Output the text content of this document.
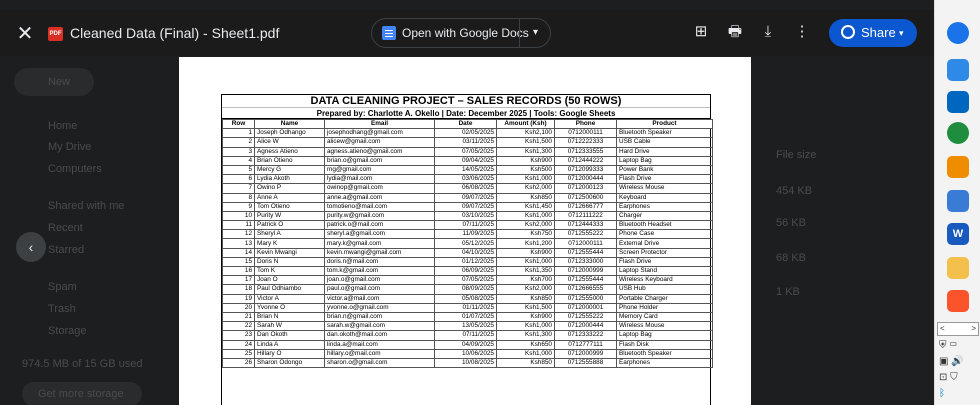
New
Home
My Drive
Computers
Shared with me
Recent
Starred
Spam
Trash
Storage
974.5 MB of 15 GB used
Get more storage
File size
454 KB
56 KB
68 KB
1 KB
✕	PDF Cleaned Data (Final) - Sheet1.pdf	Open with Google Docs ▾	⊞	🖶	⤓	⋮	Share ▾
‹
DATA CLEANING PROJECT – SALES RECORDS (50 ROWS)
Prepared by: Charlotte A. Okello | Date: December 2025 | Tools: Google Sheets
Row	Name	Email	Date	Amount (Ksh)	Phone	Product
1	Joseph Odhango	josephodhang@gmail.com	02/05/2025	Ksh2,100	0712000111	Bluetooth Speaker
2	Alice W	alicew@gmail.com	03/11/2025	Ksh1,500	0712222333	USB Cable
3	Agness Atieno	agness.atieno@gmail.com	07/05/2025	Ksh1,300	0712333555	Hard Drive
4	Brian Otieno	brian.o@gmail.com	09/04/2025	Ksh900	0712444222	Laptop Bag
5	Mercy G	mg@gmail.com	14/05/2025	Ksh500	0712099333	Power Bank
6	Lydia Akoth	lydia@mail.com	03/06/2025	Ksh1,000	0712000444	Flash Drive
7	Owino P	owinop@gmail.com	06/08/2025	Ksh2,000	0712000123	Wireless Mouse
8	Anne A	anne.a@gmail.com	09/07/2025	Ksh850	0712500600	Keyboard
9	Tom Otieno	tomotieno@mail.com	09/07/2025	Ksh1,450	0712666777	Earphones
10	Purity W	purity.w@gmail.com	03/10/2025	Ksh1,000	0712111222	Charger
11	Patrick O	patrick.o@mail.com	07/11/2025	Ksh2,000	0712444333	Bluetooth Headset
12	Sheryl A	sheryl.a@gmail.com	11/09/2025	Ksh750	0712555222	Phone Case
13	Mary K	mary.k@gmail.com	05/12/2025	Ksh1,200	0712000111	External Drive
14	Kevin Mwangi	kevin.mwangi@gmail.com	04/10/2025	Ksh900	0712555444	Screen Protector
15	Doris N	doris.n@mail.com	01/12/2025	Ksh1,000	0712333000	Flash Drive
16	Tom K	tom.k@gmail.com	06/09/2025	Ksh1,350	0712000999	Laptop Stand
17	Joan O	joan.o@gmail.com	07/05/2025	Ksh700	0712555444	Wireless Keyboard
18	Paul Odhiambo	paul.o@gmail.com	08/09/2025	Ksh2,000	0712666555	USB Hub
19	Victor A	victor.a@mail.com	05/08/2025	Ksh850	0712555000	Portable Charger
20	Yvonne O	yvonne.o@gmail.com	01/11/2025	Ksh1,500	0712000001	Phone Holder
21	Brian N	brian.n@gmail.com	01/07/2025	Ksh900	0712555222	Memory Card
22	Sarah W	sarah.w@gmail.com	13/05/2025	Ksh1,000	0712000444	Wireless Mouse
23	Dan Okoth	dan.okoth@mail.com	07/11/2025	Ksh1,300	0712333222	Laptop Bag
24	Linda A	linda.a@mail.com	04/09/2025	Ksh650	0712777111	Flash Disk
25	Hillary O	hillary.o@mail.com	10/06/2025	Ksh1,000	0712000999	Bluetooth Speaker
26	Sharon Odongo	sharon.o@gmail.com	10/08/2025	Ksh850	0712555888	Earphones
W
<	>
⛨ ▭
▣ 🔊
⊡ ⛉
ᛒ
